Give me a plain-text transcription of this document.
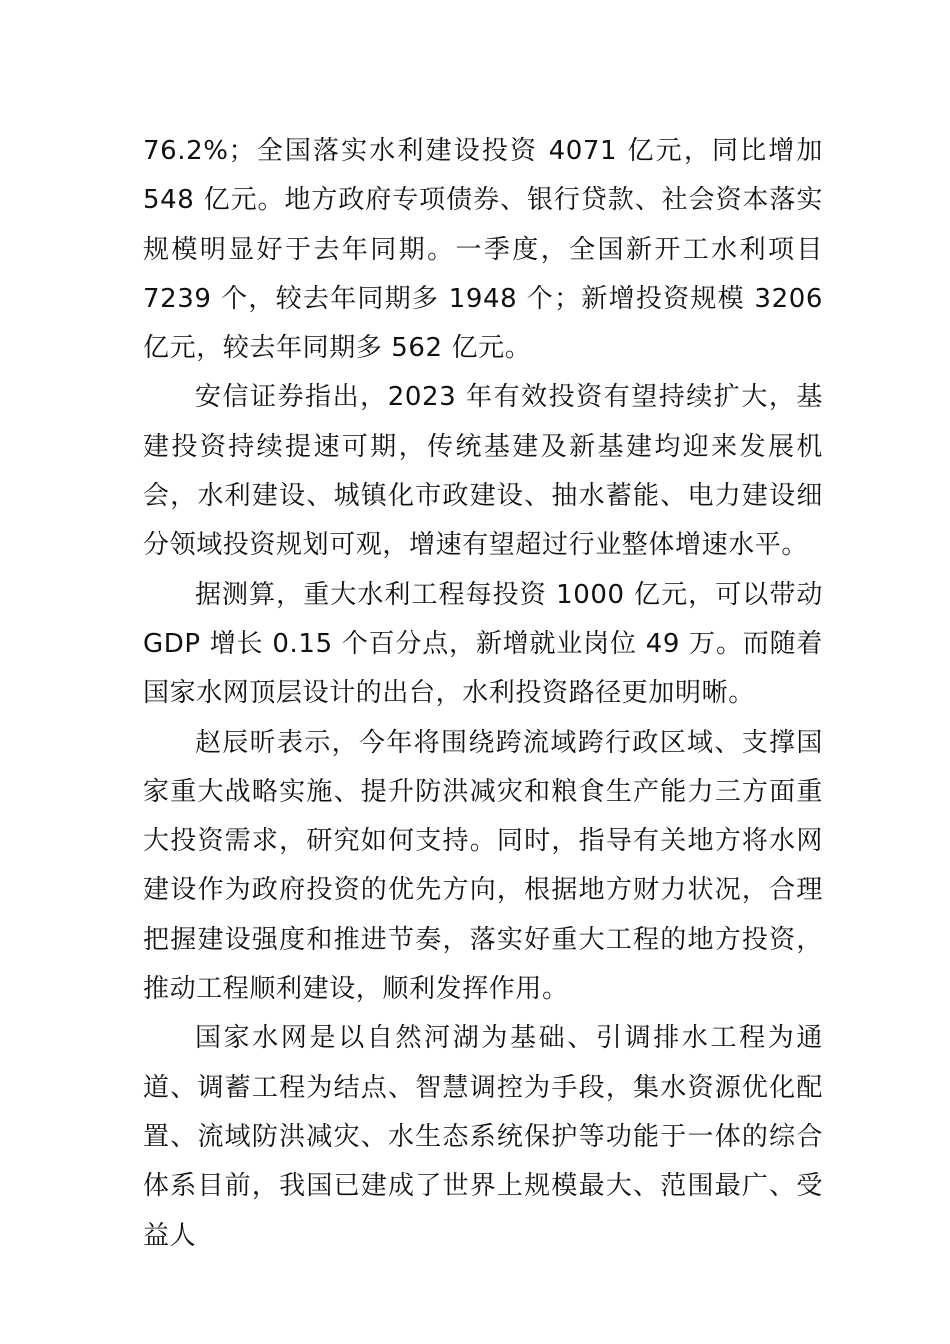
76.2%；全国落实水利建设投资 4071 亿元，同比增加 548 亿元。地方政府专项债券、银行贷款、社会资本落实规模明显好于去年同期。一季度，全国新开工水利项目 7239 个，较去年同期多 1948 个；新增投资规模 3206 亿元，较去年同期多 562 亿元。

安信证券指出，2023 年有效投资有望持续扩大，基建投资持续提速可期，传统基建及新基建均迎来发展机会，水利建设、城镇化市政建设、抽水蓄能、电力建设细分领域投资规划可观，增速有望超过行业整体增速水平。

据测算，重大水利工程每投资 1000 亿元，可以带动 GDP 增长 0.15 个百分点，新增就业岗位 49 万。而随着国家水网顶层设计的出台，水利投资路径更加明晰。

赵辰昕表示，今年将围绕跨流域跨行政区域、支撑国家重大战略实施、提升防洪减灾和粮食生产能力三方面重大投资需求，研究如何支持。同时，指导有关地方将水网建设作为政府投资的优先方向，根据地方财力状况，合理把握建设强度和推进节奏，落实好重大工程的地方投资，推动工程顺利建设，顺利发挥作用。

国家水网是以自然河湖为基础、引调排水工程为通道、调蓄工程为结点、智慧调控为手段，集水资源优化配置、流域防洪减灾、水生态系统保护等功能于一体的综合体系目前，我国已建成了世界上规模最大、范围最广、受益人
